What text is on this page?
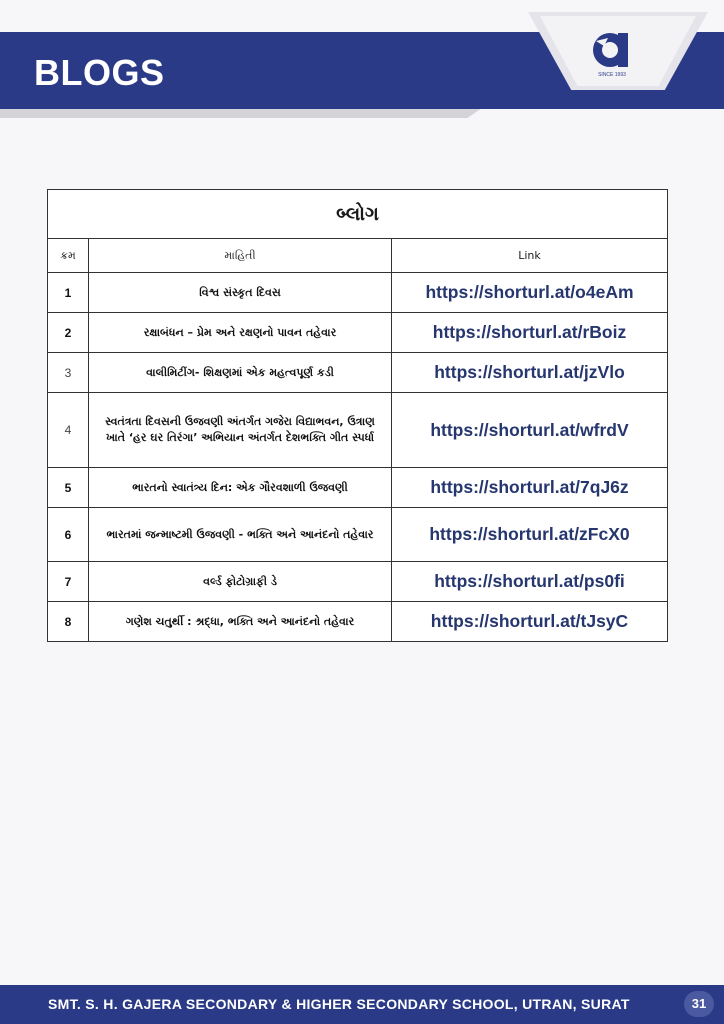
BLOGS	SINCE 1993
બ્લોગ		
ક્રમ	માહિતી	Link
1	વિશ્વ સંસ્કૃત દિવસ	https://shorturl.at/o4eAm
2	રક્ષાબંધન – પ્રેમ અને રક્ષણનો પાવન તહેવાર	https://shorturl.at/rBoiz
3	વાલીમિટીંગ- શિક્ષણમાં એક મહત્વપૂર્ણ કડી	https://shorturl.at/jzVlo
4	સ્વતંત્રતા દિવસની ઉજવણી અંતર્ગત ગજેરા વિદ્યાભવન, ઉત્રાણ ખાતે ‘હર ઘર તિરંગા’ અભિયાન અંતર્ગત દેશભક્તિ ગીત સ્પર્ધા	https://shorturl.at/wfrdV
5	ભારતનો સ્વાતંત્ર્ય દિન: એક ગૌરવશાળી ઉજવણી	https://shorturl.at/7qJ6z
6	ભારતમાં જન્માષ્ટમી ઉજવણી - ભક્તિ અને આનંદનો તહેવાર	https://shorturl.at/zFcX0
7	વર્લ્ડ ફોટોગ્રાફી ડે	https://shorturl.at/ps0fi
8	ગણેશ ચતુર્થી : શ્રદ્ધા, ભક્તિ અને આનંદનો તહેવાર	https://shorturl.at/tJsyC
SMT. S. H. GAJERA SECONDARY & HIGHER SECONDARY SCHOOL, UTRAN, SURAT	31
